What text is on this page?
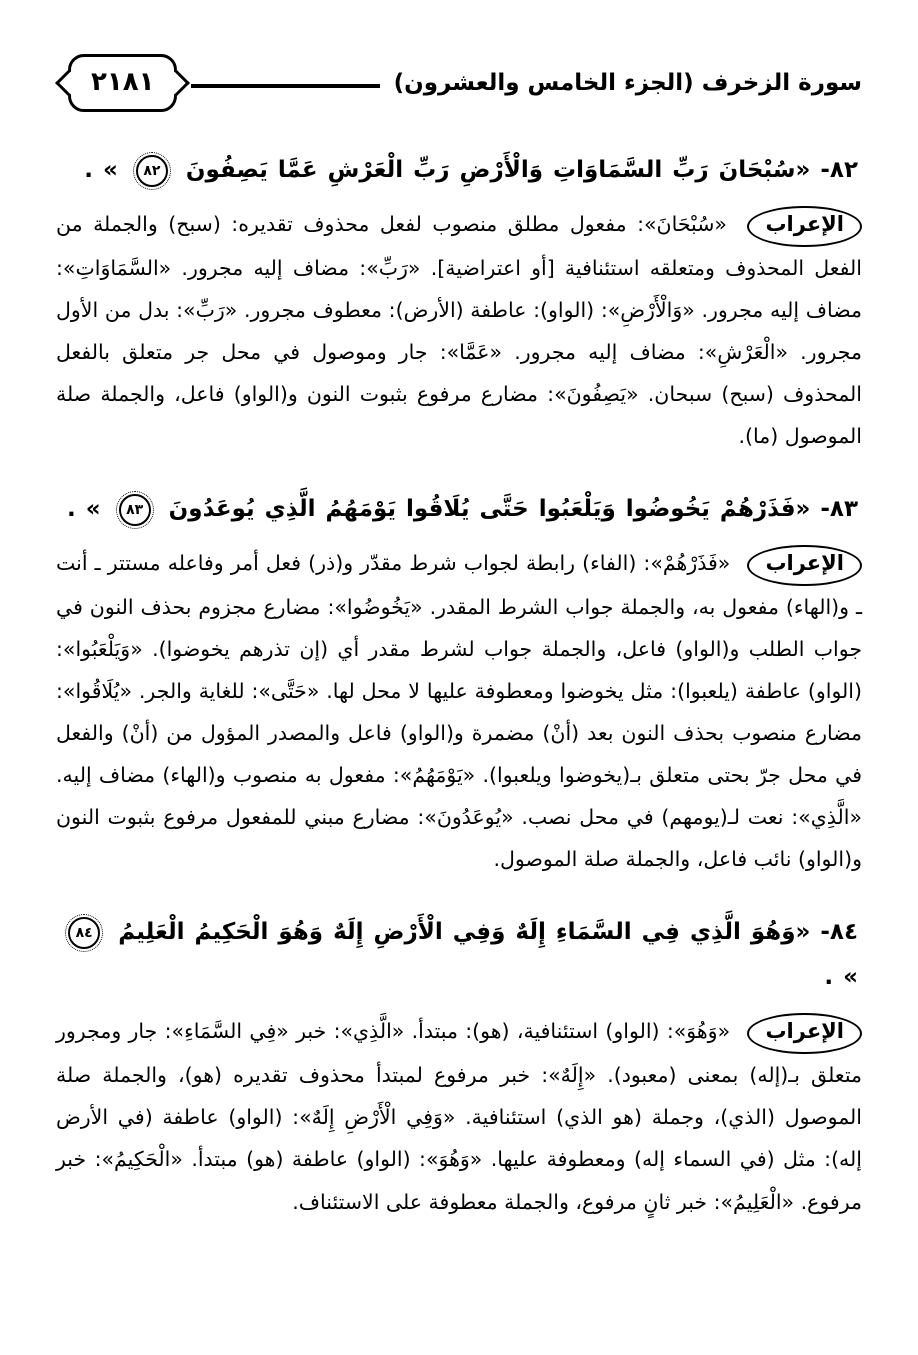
سورة الزخرف (الجزء الخامس والعشرون)
٢١٨١

٨٢- «سُبْحَانَ رَبِّ السَّمَاوَاتِ وَالْأَرْضِ رَبِّ الْعَرْشِ عَمَّا يَصِفُونَ ٨٢ » .

الإعراب «سُبْحَانَ»: مفعول مطلق منصوب لفعل محذوف تقديره: (سبح) والجملة من الفعل المحذوف ومتعلقه استئنافية [أو اعتراضية]. «رَبِّ»: مضاف إليه مجرور. «السَّمَاوَاتِ»: مضاف إليه مجرور. «وَالْأَرْضِ»: (الواو): عاطفة (الأرض): معطوف مجرور. «رَبِّ»: بدل من الأول مجرور. «الْعَرْشِ»: مضاف إليه مجرور. «عَمَّا»: جار وموصول في محل جر متعلق بالفعل المحذوف (سبح) سبحان. «يَصِفُونَ»: مضارع مرفوع بثبوت النون و(الواو) فاعل، والجملة صلة الموصول (ما).

٨٣- «فَذَرْهُمْ يَخُوضُوا وَيَلْعَبُوا حَتَّى يُلَاقُوا يَوْمَهُمُ الَّذِي يُوعَدُونَ ٨٣ » .

الإعراب «فَذَرْهُمْ»: (الفاء) رابطة لجواب شرط مقدّر و(ذر) فعل أمر وفاعله مستتر ـ أنت ـ و(الهاء) مفعول به، والجملة جواب الشرط المقدر. «يَخُوضُوا»: مضارع مجزوم بحذف النون في جواب الطلب و(الواو) فاعل، والجملة جواب لشرط مقدر أي (إن تذرهم يخوضوا). «وَيَلْعَبُوا»: (الواو) عاطفة (يلعبوا): مثل يخوضوا ومعطوفة عليها لا محل لها. «حَتَّى»: للغاية والجر. «يُلَاقُوا»: مضارع منصوب بحذف النون بعد (أنْ) مضمرة و(الواو) فاعل والمصدر المؤول من (أنْ) والفعل في محل جرّ بحتى متعلق بـ(يخوضوا ويلعبوا). «يَوْمَهُمُ»: مفعول به منصوب و(الهاء) مضاف إليه. «الَّذِي»: نعت لـ(يومهم) في محل نصب. «يُوعَدُونَ»: مضارع مبني للمفعول مرفوع بثبوت النون و(الواو) نائب فاعل، والجملة صلة الموصول.

٨٤- «وَهُوَ الَّذِي فِي السَّمَاءِ إِلَهٌ وَفِي الْأَرْضِ إِلَهٌ وَهُوَ الْحَكِيمُ الْعَلِيمُ ٨٤ » .

الإعراب «وَهُوَ»: (الواو) استئنافية، (هو): مبتدأ. «الَّذِي»: خبر «فِي السَّمَاءِ»: جار ومجرور متعلق بـ(إله) بمعنى (معبود). «إِلَهٌ»: خبر مرفوع لمبتدأ محذوف تقديره (هو)، والجملة صلة الموصول (الذي)، وجملة (هو الذي) استئنافية. «وَفِي الْأَرْضِ إِلَهٌ»: (الواو) عاطفة (في الأرض إله): مثل (في السماء إله) ومعطوفة عليها. «وَهُوَ»: (الواو) عاطفة (هو) مبتدأ. «الْحَكِيمُ»: خبر مرفوع. «الْعَلِيمُ»: خبر ثانٍ مرفوع، والجملة معطوفة على الاستئناف.
